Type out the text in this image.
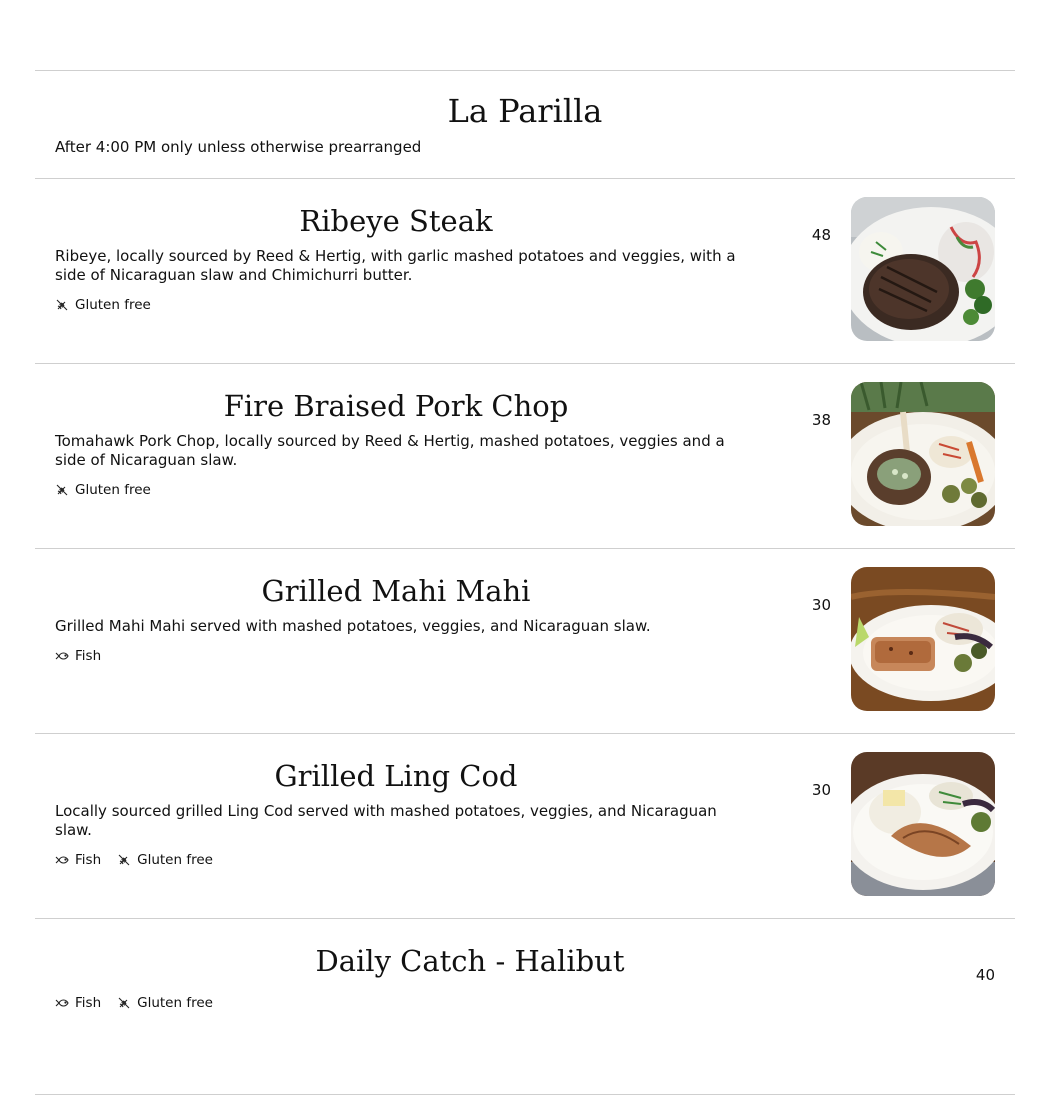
La Parilla
After 4:00 PM only unless otherwise prearranged
Ribeye Steak
Ribeye, locally sourced by Reed & Hertig, with garlic mashed potatoes and veggies, with a side of Nicaraguan slaw and Chimichurri butter.
Gluten free
48
Fire Braised Pork Chop
Tomahawk Pork Chop, locally sourced by Reed & Hertig, mashed potatoes, veggies and a side of Nicaraguan slaw.
Gluten free
38
Grilled Mahi Mahi
Grilled Mahi Mahi served with mashed potatoes, veggies, and Nicaraguan slaw.
Fish
30
Grilled Ling Cod
Locally sourced grilled Ling Cod served with mashed potatoes, veggies, and Nicaraguan slaw.
Fish	Gluten free
30
Daily Catch - Halibut
Fish	Gluten free
40
